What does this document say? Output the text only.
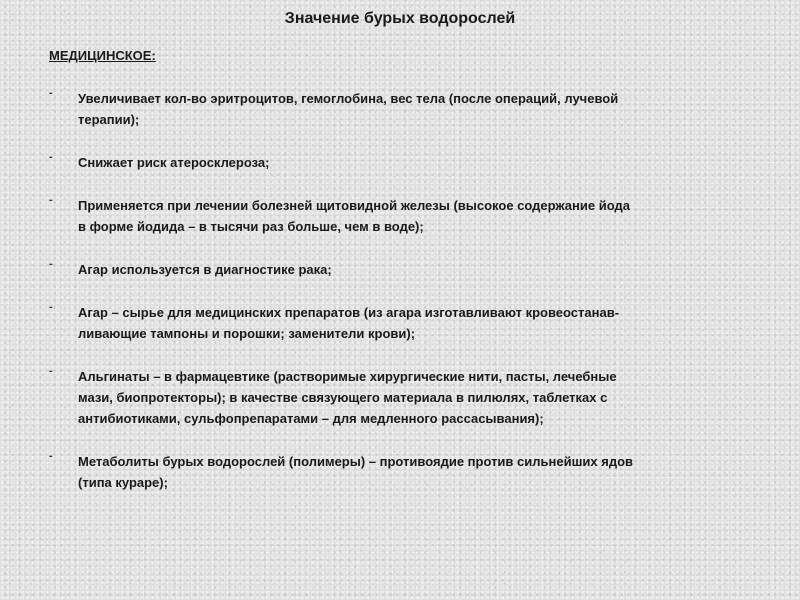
Значение бурых водорослей
МЕДИЦИНСКОЕ:
- Увеличивает кол-во эритроцитов, гемоглобина, вес тела (после операций, лучевой
терапии);
- Снижает риск атеросклероза;
- Применяется при лечении болезней щитовидной железы (высокое содержание йода
в форме йодида – в тысячи раз больше, чем в воде);
- Агар используется в диагностике рака;
- Агар – сырье для медицинских препаратов (из агара изготавливают кровеостанав-
ливающие тампоны и порошки; заменители крови);
- Альгинаты – в фармацевтике (растворимые хирургические нити, пасты, лечебные
мази, биопротекторы); в качестве связующего материала в пилюлях, таблетках с
антибиотиками, сульфопрепаратами – для медленного рассасывания);
- Метаболиты бурых водорослей (полимеры) – противоядие против сильнейших ядов
(типа кураре);
